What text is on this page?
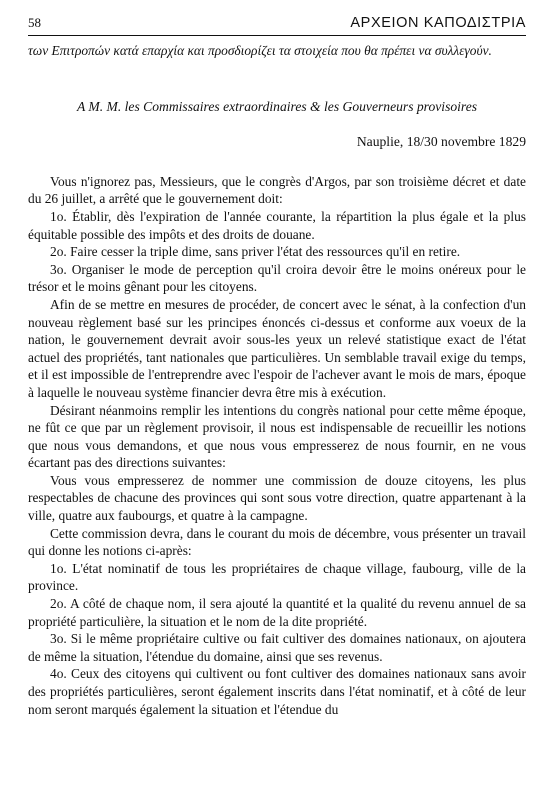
58	ΑΡΧΕΙΟΝ ΚΑΠΟΔΙΣΤΡΙΑ

των Επιτροπών κατά επαρχία και προσδιορίζει τα στοιχεία που θα πρέπει να συλλεγούν.

A M. M. les Commissaires extraordinaires & les Gouverneurs provisoires

Nauplie, 18/30 novembre 1829

Vous n'ignorez pas, Messieurs, que le congrès d'Argos, par son troisième décret et date du 26 juillet, a arrêté que le gouvernement doit:

1o. Établir, dès l'expiration de l'année courante, la répartition la plus égale et la plus équitable possible des impôts et des droits de douane.

2o. Faire cesser la triple dime, sans priver l'état des ressources qu'il en retire.

3o. Organiser le mode de perception qu'il croira devoir être le moins onéreux pour le trésor et le moins gênant pour les citoyens.

Afin de se mettre en mesures de procéder, de concert avec le sénat, à la confection d'un nouveau règlement basé sur les principes énoncés ci-dessus et conforme aux voeux de la nation, le gouvernement devrait avoir sous-les yeux un relevé statistique exact de l'état actuel des propriétés, tant nationales que particulières. Un semblable travail exige du temps, et il est impossible de l'entreprendre avec l'espoir de l'achever avant le mois de mars, époque à laquelle le nouveau système financier devra être mis à exécution.

Désirant néanmoins remplir les intentions du congrès national pour cette même époque, ne fût ce que par un règlement provisoir, il nous est indispensable de recueillir les notions que nous vous demandons, et que nous vous empresserez de nous fournir, en ne vous écartant pas des directions suivantes:

Vous vous empresserez de nommer une commission de douze citoyens, les plus respectables de chacune des provinces qui sont sous votre direction, quatre appartenant à la ville, quatre aux faubourgs, et quatre à la campagne.

Cette commission devra, dans le courant du mois de décembre, vous présenter un travail qui donne les notions ci-après:

1o. L'état nominatif de tous les propriétaires de chaque village, faubourg, ville de la province.

2o. A côté de chaque nom, il sera ajouté la quantité et la qualité du revenu annuel de sa propriété particulière, la situation et le nom de la dite propriété.

3o. Si le même propriétaire cultive ou fait cultiver des domaines nationaux, on ajoutera de même la situation, l'étendue du domaine, ainsi que ses revenus.

4o. Ceux des citoyens qui cultivent ou font cultiver des domaines nationaux sans avoir des propriétés particulières, seront également inscrits dans l'état nominatif, et à côté de leur nom seront marqués également la situation et l'étendue du
